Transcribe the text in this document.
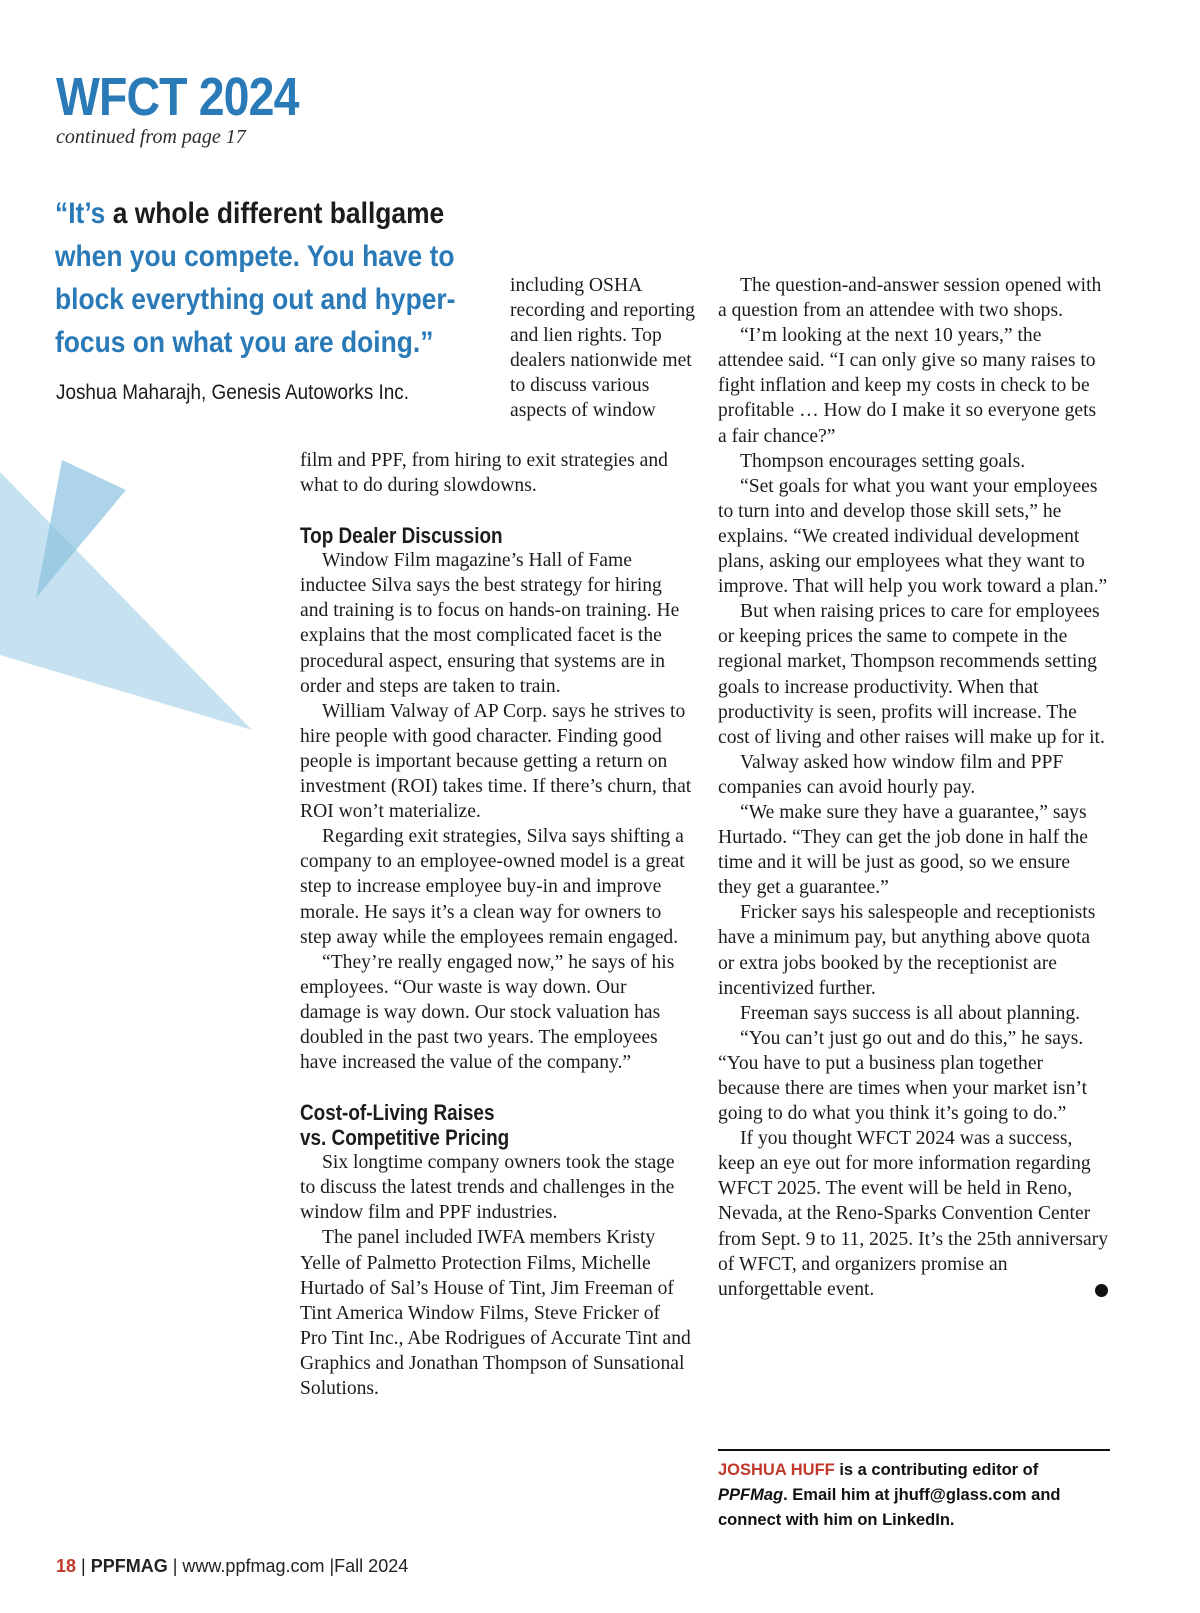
WFCT 2024
continued from page 17
“It’s a whole different ballgame when you compete. You have to block everything out and hyper-focus on what you are doing.”
Joshua Maharajh, Genesis Autoworks Inc.

including OSHA recording and reporting and lien rights. Top dealers nationwide met to discuss various aspects of window

film and PPF, from hiring to exit strategies and what to do during slowdowns.

Top Dealer Discussion

Window Film magazine’s Hall of Fame inductee Silva says the best strategy for hiring and training is to focus on hands-on training. He explains that the most complicated facet is the procedural aspect, ensuring that systems are in order and steps are taken to train.

William Valway of AP Corp. says he strives to hire people with good character. Finding good people is important because getting a return on investment (ROI) takes time. If there’s churn, that ROI won’t materialize.

Regarding exit strategies, Silva says shifting a company to an employee-owned model is a great step to increase employee buy-in and improve morale. He says it’s a clean way for owners to step away while the employees remain engaged.

“They’re really engaged now,” he says of his employees. “Our waste is way down. Our damage is way down. Our stock valuation has doubled in the past two years. The employees have increased the value of the company.”

Cost-of-Living Raises
vs. Competitive Pricing

Six longtime company owners took the stage to discuss the latest trends and challenges in the window film and PPF industries.

The panel included IWFA members Kristy Yelle of Palmetto Protection Films, Michelle Hurtado of Sal’s House of Tint, Jim Freeman of Tint America Window Films, Steve Fricker of Pro Tint Inc., Abe Rodrigues of Accurate Tint and Graphics and Jonathan Thompson of Sunsational Solutions.

The question-and-answer session opened with a question from an attendee with two shops.

“I’m looking at the next 10 years,” the attendee said. “I can only give so many raises to fight inflation and keep my costs in check to be profitable … How do I make it so everyone gets a fair chance?”

Thompson encourages setting goals.

“Set goals for what you want your employees to turn into and develop those skill sets,” he explains. “We created individual development plans, asking our employees what they want to improve. That will help you work toward a plan.”

But when raising prices to care for employees or keeping prices the same to compete in the regional market, Thompson recommends setting goals to increase productivity. When that productivity is seen, profits will increase. The cost of living and other raises will make up for it.

Valway asked how window film and PPF companies can avoid hourly pay.

“We make sure they have a guarantee,” says Hurtado. “They can get the job done in half the time and it will be just as good, so we ensure they get a guarantee.”

Fricker says his salespeople and receptionists have a minimum pay, but anything above quota or extra jobs booked by the receptionist are incentivized further.

Freeman says success is all about planning.

“You can’t just go out and do this,” he says. “You have to put a business plan together because there are times when your market isn’t going to do what you think it’s going to do.”

If you thought WFCT 2024 was a success, keep an eye out for more information regarding WFCT 2025. The event will be held in Reno, Nevada, at the Reno-Sparks Convention Center from Sept. 9 to 11, 2025. It’s the 25th anniversary of WFCT, and organizers promise an unforgettable event.

JOSHUA HUFF is a contributing editor of PPFMag. Email him at jhuff@glass.com and connect with him on LinkedIn.
18 | PPFMAG | www.ppfmag.com |Fall 2024
